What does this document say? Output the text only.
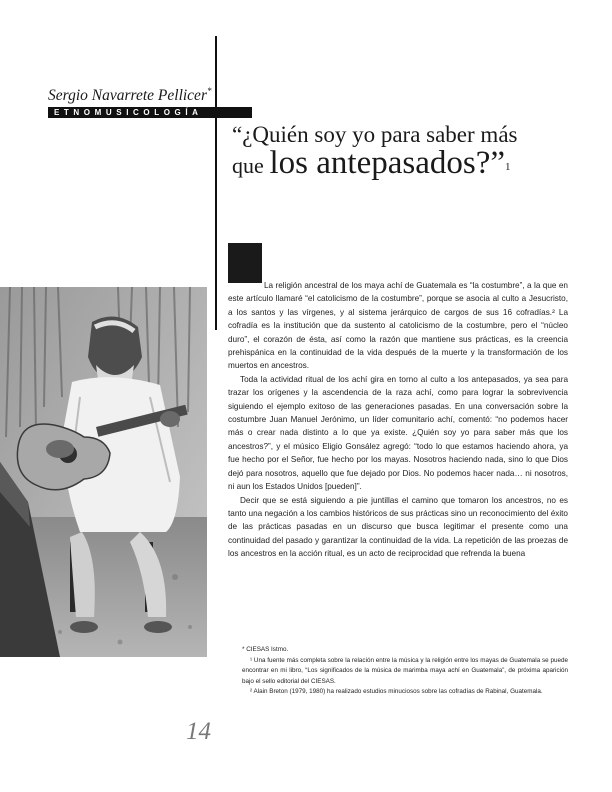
Sergio Navarrete Pellicer*
ETNOMUSICOLOGÍA
“¿Quién soy yo para saber más
que los antepasados?”$^1$

La religión ancestral de los maya achí de Guatemala es “la costumbre”, a la que en este artículo llamaré “el catolicismo de la costumbre”, porque se asocia al culto a Jesucristo, a los santos y las vírgenes, y al sistema jerárquico de cargos de sus 16 cofradías.² La cofradía es la institución que da sustento al catolicismo de la costumbre, pero el “núcleo duro”, el corazón de ésta, así como la razón que mantiene sus prácticas, es la creencia prehispánica en la continuidad de la vida después de la muerte y la transformación de los muertos en ancestros.

Toda la actividad ritual de los achí gira en torno al culto a los antepasados, ya sea para trazar los orígenes y la ascendencia de la raza achí, como para lograr la sobrevivencia siguiendo el ejemplo exitoso de las generaciones pasadas. En una conversación sobre la costumbre Juan Manuel Jerónimo, un líder comunitario achí, comentó: “no podemos hacer más o crear nada distinto a lo que ya existe. ¿Quién soy yo para saber más que los ancestros?”, y el músico Eligio Gonsález agregó: “todo lo que estamos haciendo ahora, ya fue hecho por el Señor, fue hecho por los mayas. Nosotros haciendo nada, sino lo que Dios dejó para nosotros, aquello que fue dejado por Dios. No podemos hacer nada… ni nosotros, ni aun los Estados Unidos [pueden]”.

Decir que se está siguiendo a pie juntillas el camino que tomaron los ancestros, no es tanto una negación a los cambios históricos de sus prácticas sino un reconocimiento del éxito de las prácticas pasadas en un discurso que busca legitimar el presente como una continuidad del pasado y garantizar la continuidad de la vida. La repetición de las proezas de los ancestros en la acción ritual, es un acto de reciprocidad que refrenda la buena

* CIESAS Istmo.

¹ Una fuente más completa sobre la relación entre la música y la religión entre los mayas de Guatemala se puede encontrar en mi libro, “Los significados de la música de marimba maya achí en Guatemala”, de próxima aparición bajo el sello editorial del CIESAS.

² Alain Breton (1979, 1980) ha realizado estudios minuciosos sobre las cofradías de Rabinal, Guatemala.

14
